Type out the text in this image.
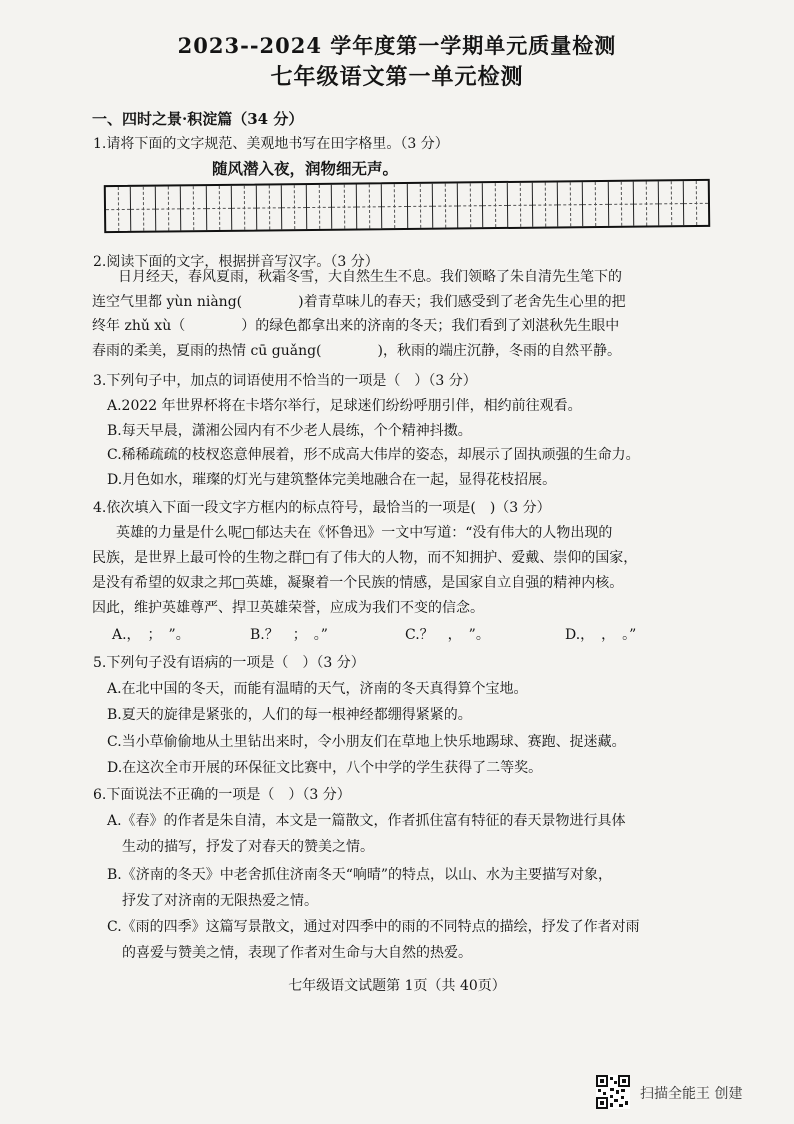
2023--2024 学年度第一学期单元质量检测
七年级语文第一单元检测
一、四时之景·积淀篇（34 分）
1.请将下面的文字规范、美观地书写在田字格里。（3 分）
随风潜入夜，润物细无声。
2.阅读下面的文字，根据拼音写汉字。（3 分）
日月经天，春风夏雨，秋霜冬雪，大自然生生不息。我们领略了朱自清先生笔下的
连空气里都 yùn niàng(　　　　)着青草味儿的春天；我们感受到了老舍先生心里的把
终年 zhǔ xù（　　　　）的绿色都拿出来的济南的冬天；我们看到了刘湛秋先生眼中
春雨的柔美，夏雨的热情 cū guǎng(　　　　)，秋雨的端庄沉静，冬雨的自然平静。
3.下列句子中，加点的词语使用不恰当的一项是（　）（3 分）
A.2022 年世界杯将在卡塔尔举行，足球迷们纷纷呼朋引伴，相约前往观看。
B.每天早晨，潇湘公园内有不少老人晨练，个个精神抖擞。
C.稀稀疏疏的枝杈恣意伸展着，形不成高大伟岸的姿态，却展示了固执顽强的生命力。
D.月色如水，璀璨的灯光与建筑整体完美地融合在一起，显得花枝招展。
4.依次填入下面一段文字方框内的标点符号，最恰当的一项是(　)（3 分）
英雄的力量是什么呢□郁达夫在《怀鲁迅》一文中写道：“没有伟大的人物出现的
民族，是世界上最可怜的生物之群□有了伟大的人物，而不知拥护、爱戴、崇仰的国家，
是没有希望的奴隶之邦□英雄，凝聚着一个民族的情感，是国家自立自强的精神内核。
因此，维护英雄尊严、捍卫英雄荣誉，应成为我们不变的信念。
A.，　；　”。	B.？　；　。”	C.？　，　”。	D.，　，　。”
5.下列句子没有语病的一项是（　）（3 分）
A.在北中国的冬天，而能有温晴的天气，济南的冬天真得算个宝地。
B.夏天的旋律是紧张的，人们的每一根神经都绷得紧紧的。
C.当小草偷偷地从土里钻出来时，令小朋友们在草地上快乐地踢球、赛跑、捉迷藏。
D.在这次全市开展的环保征文比赛中，八个中学的学生获得了二等奖。
6.下面说法不正确的一项是（　）（3 分）
A.《春》的作者是朱自清，本文是一篇散文，作者抓住富有特征的春天景物进行具体
生动的描写，抒发了对春天的赞美之情。
B.《济南的冬天》中老舍抓住济南冬天“响晴”的特点，以山、水为主要描写对象，
抒发了对济南的无限热爱之情。
C.《雨的四季》这篇写景散文，通过对四季中的雨的不同特点的描绘，抒发了作者对雨
的喜爱与赞美之情，表现了作者对生命与大自然的热爱。
七年级语文试题第 1页（共 40页）
扫描全能王 创建
